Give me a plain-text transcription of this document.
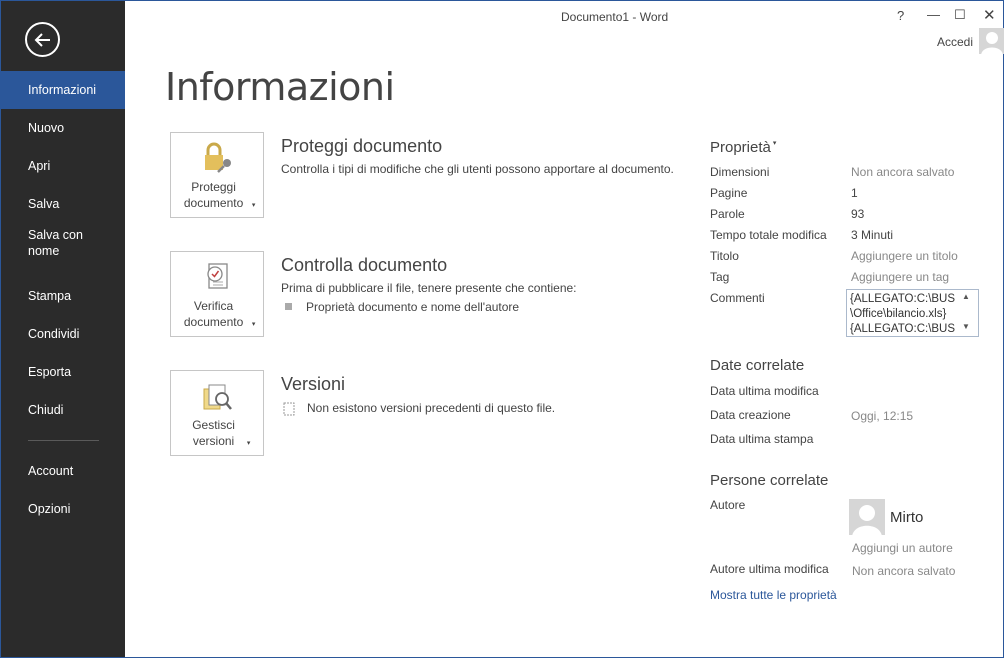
Informazioni
Nuovo
Apri
Salva
Salva con nome
Stampa
Condividi
Esporta
Chiudi
Account
Opzioni
Documento1 - Word	? — ☐ ✕
Accedi
Informazioni
Proteggi documento ▾
Proteggi documento
Controlla i tipi di modifiche che gli utenti possono apportare al documento.
Verifica documento ▾
Controlla documento
Prima di pubblicare il file, tenere presente che contiene:
Proprietà documento e nome dell'autore
Gestisci versioni ▾
Versioni
Non esistono versioni precedenti di questo file.
Proprietà ▾
Dimensioni	Non ancora salvato
Pagine	1
Parole	93
Tempo totale modifica 3 Minuti
Titolo	Aggiungere un titolo
Tag	Aggiungere un tag
Commenti	{ALLEGATO:C:\BUS
\Office\bilancio.xls}
{ALLEGATO:C:\BUS
▲
▼
Date correlate
Data ultima modifica
Data creazione	Oggi, 12:15
Data ultima stampa
Persone correlate
Autore
Mirto
Aggiungi un autore
Autore ultima modifica Non ancora salvato
Mostra tutte le proprietà
